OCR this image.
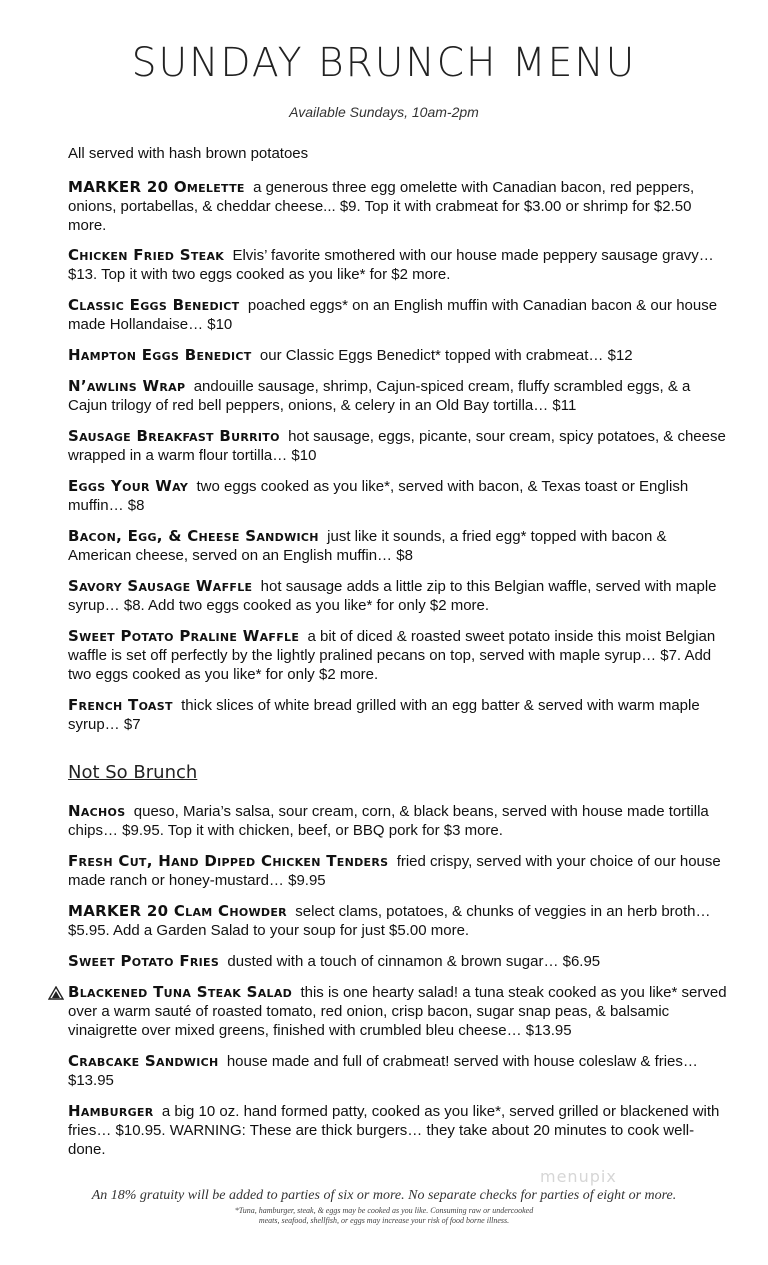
SUNDAY BRUNCH MENU
Available Sundays, 10am-2pm
All served with hash brown potatoes

MARKER 20 Omelette a generous three egg omelette with Canadian bacon, red peppers, onions, portabellas, & cheddar cheese... $9. Top it with crabmeat for $3.00 or shrimp for $2.50 more.

Chicken Fried Steak Elvis’ favorite smothered with our house made peppery sausage gravy… $13. Top it with two eggs cooked as you like* for $2 more.

Classic Eggs Benedict poached eggs* on an English muffin with Canadian bacon & our house made Hollandaise… $10

Hampton Eggs Benedict our Classic Eggs Benedict* topped with crabmeat… $12

N’awlins Wrap andouille sausage, shrimp, Cajun-spiced cream, fluffy scrambled eggs, & a Cajun trilogy of red bell peppers, onions, & celery in an Old Bay tortilla… $11

Sausage Breakfast Burrito hot sausage, eggs, picante, sour cream, spicy potatoes, & cheese wrapped in a warm flour tortilla… $10

Eggs Your Way two eggs cooked as you like*, served with bacon, & Texas toast or English muffin… $8

Bacon, Egg, & Cheese Sandwich just like it sounds, a fried egg* topped with bacon & American cheese, served on an English muffin… $8

Savory Sausage Waffle hot sausage adds a little zip to this Belgian waffle, served with maple syrup… $8. Add two eggs cooked as you like* for only $2 more.

Sweet Potato Praline Waffle a bit of diced & roasted sweet potato inside this moist Belgian waffle is set off perfectly by the lightly pralined pecans on top, served with maple syrup… $7. Add two eggs cooked as you like* for only $2 more.

French Toast thick slices of white bread grilled with an egg batter & served with warm maple syrup… $7

Not So Brunch

Nachos queso, Maria’s salsa, sour cream, corn, & black beans, served with house made tortilla chips… $9.95. Top it with chicken, beef, or BBQ pork for $3 more.

Fresh Cut, Hand Dipped Chicken Tenders fried crispy, served with your choice of our house made ranch or honey-mustard… $9.95

MARKER 20 Clam Chowder select clams, potatoes, & chunks of veggies in an herb broth… $5.95. Add a Garden Salad to your soup for just $5.00 more.

Sweet Potato Fries dusted with a touch of cinnamon & brown sugar… $6.95

Blackened Tuna Steak Salad this is one hearty salad! a tuna steak cooked as you like* served over a warm sauté of roasted tomato, red onion, crisp bacon, sugar snap peas, & balsamic vinaigrette over mixed greens, finished with crumbled bleu cheese… $13.95

Crabcake Sandwich house made and full of crabmeat! served with house coleslaw & fries… $13.95

Hamburger a big 10 oz. hand formed patty, cooked as you like*, served grilled or blackened with fries… $10.95. WARNING: These are thick burgers… they take about 20 minutes to cook well-done.

menupix
An 18% gratuity will be added to parties of six or more. No separate checks for parties of eight or more.
*Tuna, hamburger, steak, & eggs may be cooked as you like. Consuming raw or undercooked
meats, seafood, shellfish, or eggs may increase your risk of food borne illness.
